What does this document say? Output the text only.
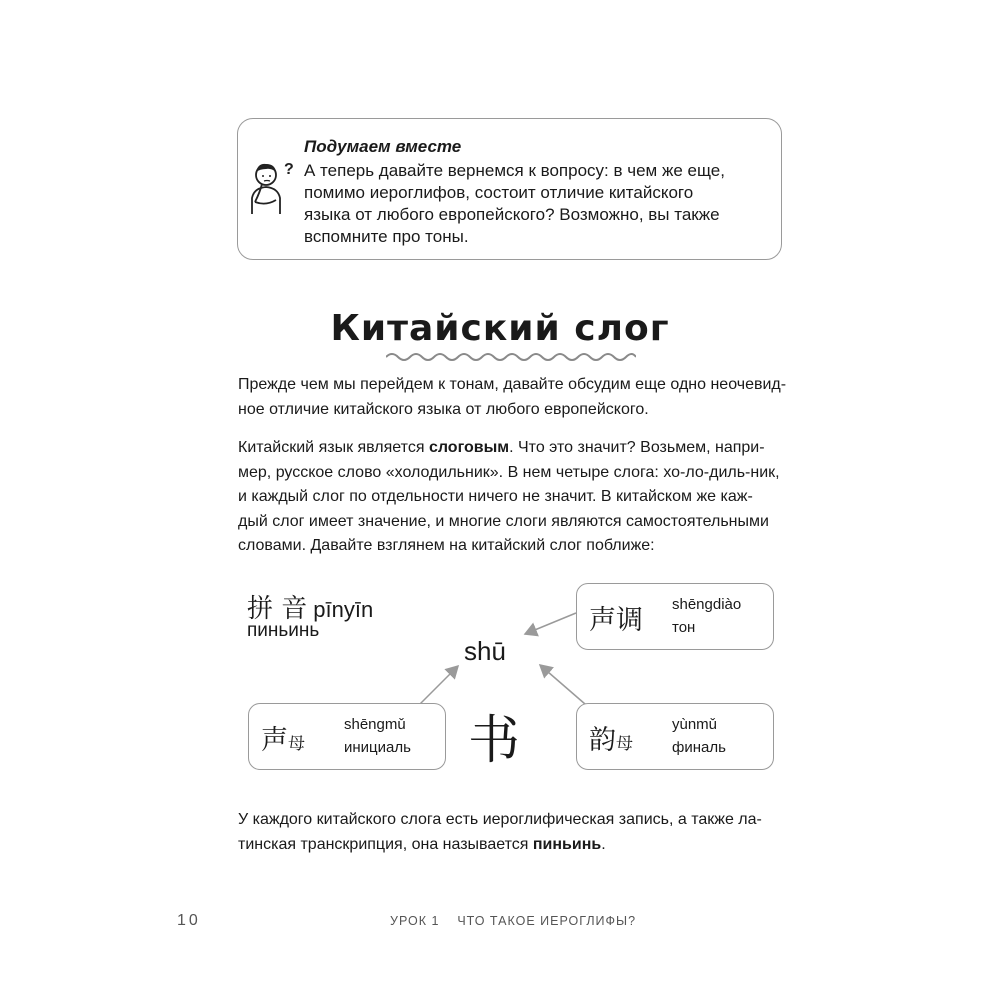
?
Подумаем вместе
А теперь давайте вернемся к вопросу: в чем же еще,
помимо иероглифов, состоит отличие китайского
языка от любого европейского? Возможно, вы также
вспомните про тоны.
Китайский слог
Прежде чем мы перейдем к тонам, давайте обсудим еще одно неочевид-
ное отличие китайского языка от любого европейского.
Китайский язык является слоговым. Что это значит? Возьмем, напри-
мер, русское слово «холодильник». В нем четыре слога: хо-ло-диль-ник,
и каждый слог по отдельности ничего не значит. В китайском же каж-
дый слог имеет значение, и многие слоги являются самостоятельными
словами. Давайте взглянем на китайский слог поближе:
拼 音 pīnyīn
пиньинь
shū
书
声调
shēngdiào
тон
声母
shēngmǔ
инициаль	韵母
yùnmǔ
финаль
У каждого китайского слога есть иероглифическая запись, а также ла-
тинская транскрипция, она называется пиньинь.
10	УРОК 1    ЧТО ТАКОЕ ИЕРОГЛИФЫ?
